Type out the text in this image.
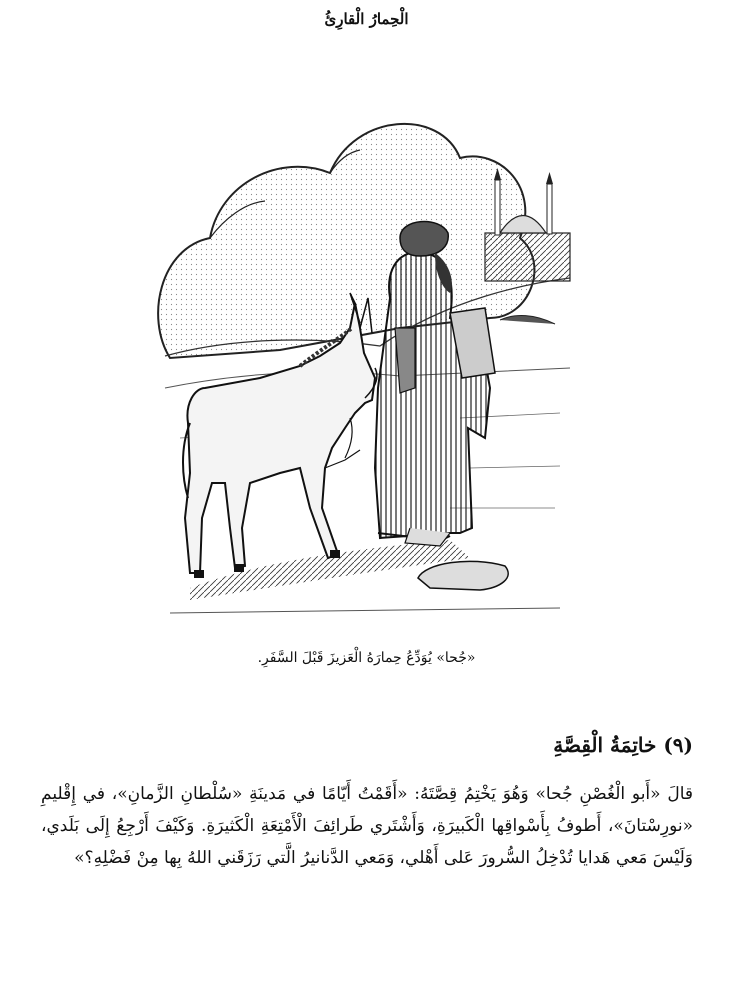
الْحِمارُ الْقارِئُ
«جُحا» يُوَدِّعُ حِمارَهُ الْعَزيزَ قَبْلَ السَّفَرِ.
(٩) خاتِمَةُ الْقِصَّةِ

قالَ «أَبو الْغُصْنِ جُحا» وَهُوَ يَخْتِمُ قِصَّتَهُ: «أَقَمْتُ أَيّامًا في مَدينَةِ «سُلْطانِ الزَّمانِ»، في إِقْليمِ «نورِسْتانَ»، أَطوفُ بِأَسْواقِها الْكَبيرَةِ، وَأَشْتَري طَرائِفَ الْأَمْتِعَةِ الْكَثيرَةِ. وَكَيْفَ أَرْجِعُ إِلَى بَلَدي، وَلَيْسَ مَعي هَدايا تُدْخِلُ السُّرورَ عَلى أَهْلي، وَمَعي الدَّنانيرُ الَّتي رَزَقَني اللهُ بِها مِنْ فَضْلِهِ؟»
